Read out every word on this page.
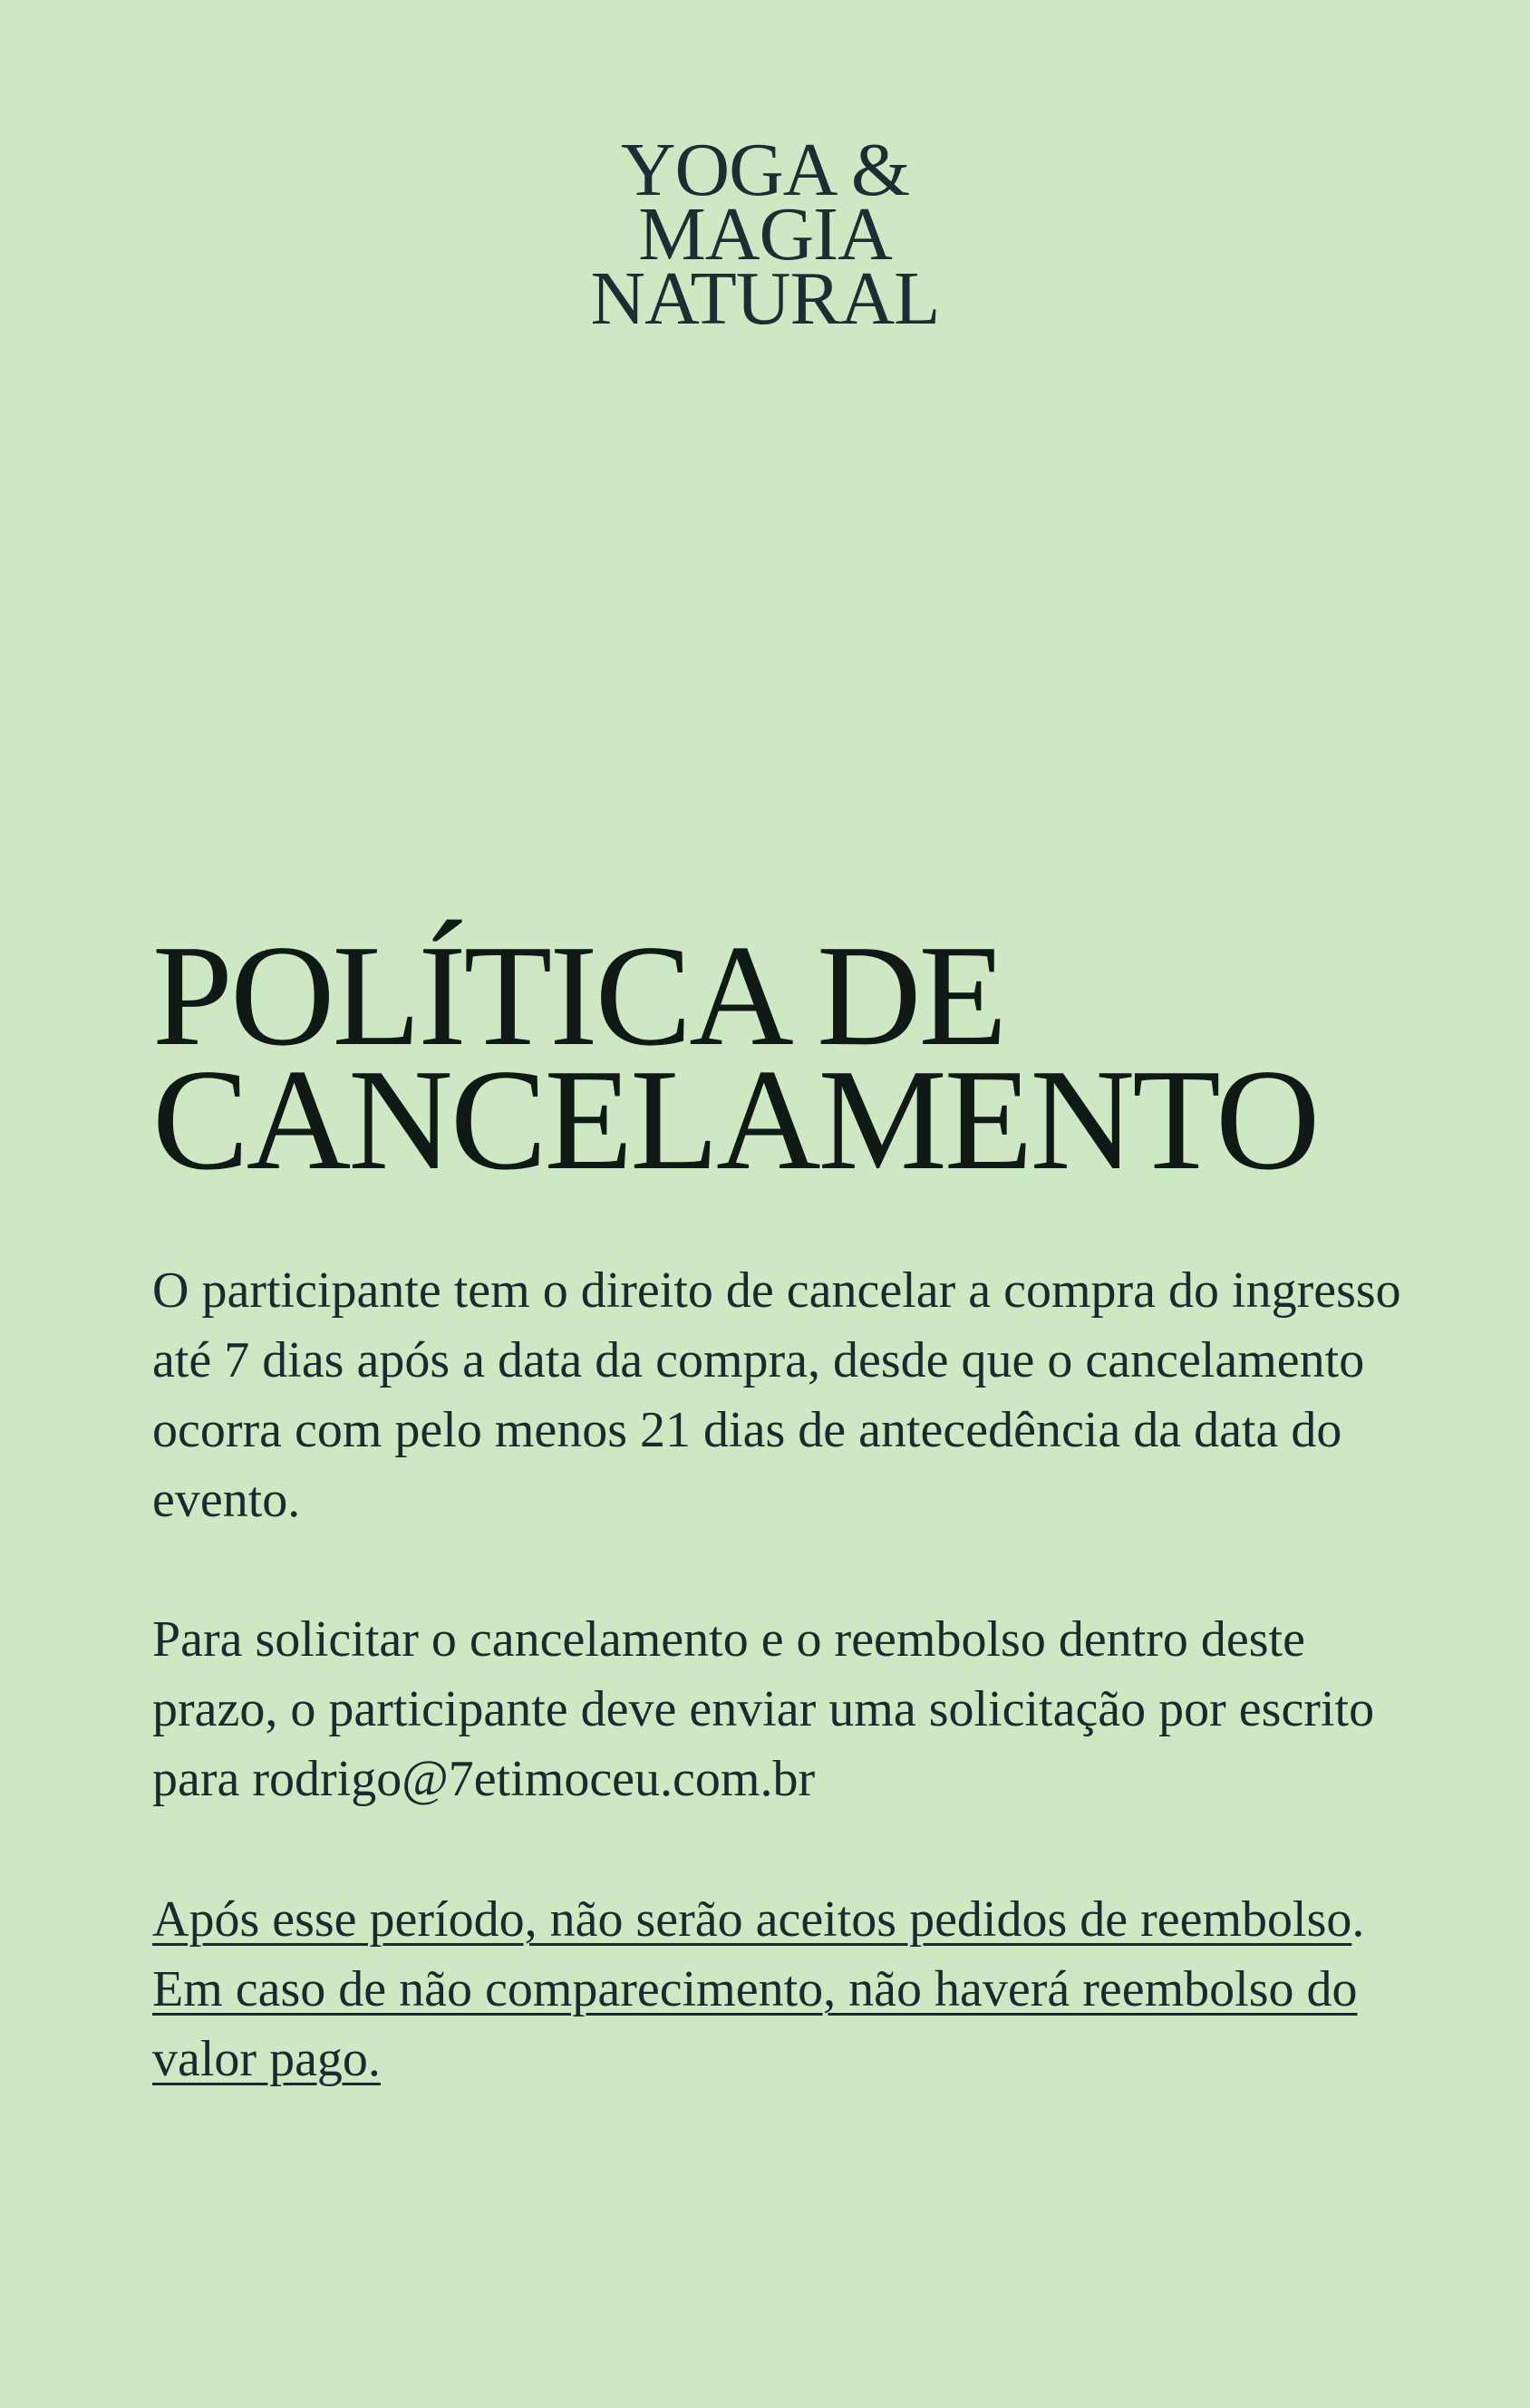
YOGA &
MAGIA
NATURAL
POLÍTICA DE
CANCELAMENTO

O participante tem o direito de cancelar a compra do ingresso até 7 dias após a data da compra, desde que o cancelamento ocorra com pelo menos 21 dias de antecedência da data do evento.

Para solicitar o cancelamento e o reembolso dentro deste prazo, o participante deve enviar uma solicitação por escrito para rodrigo@7etimoceu.com.br

Após esse período, não serão aceitos pedidos de reembolso. Em caso de não comparecimento, não haverá reembolso do valor pago.
